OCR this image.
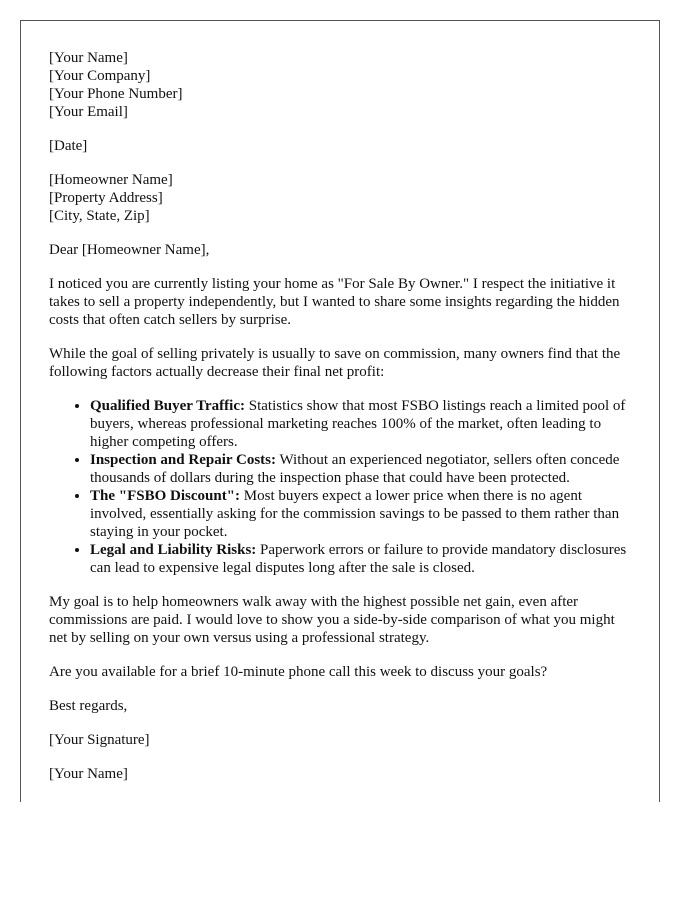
[Your Name]
[Your Company]
[Your Phone Number]
[Your Email]
[Date]
[Homeowner Name]
[Property Address]
[City, State, Zip]

Dear [Homeowner Name],

I noticed you are currently listing your home as "For Sale By Owner." I respect the initiative it takes to sell a property independently, but I wanted to share some insights regarding the hidden costs that often catch sellers by surprise.

While the goal of selling privately is usually to save on commission, many owners find that the following factors actually decrease their final net profit:

• Qualified Buyer Traffic: Statistics show that most FSBO listings reach a limited pool of buyers, whereas professional marketing reaches 100% of the market, often leading to higher competing offers.
• Inspection and Repair Costs: Without an experienced negotiator, sellers often concede thousands of dollars during the inspection phase that could have been protected.
• The "FSBO Discount": Most buyers expect a lower price when there is no agent involved, essentially asking for the commission savings to be passed to them rather than staying in your pocket.
• Legal and Liability Risks: Paperwork errors or failure to provide mandatory disclosures can lead to expensive legal disputes long after the sale is closed.

My goal is to help homeowners walk away with the highest possible net gain, even after commissions are paid. I would love to show you a side-by-side comparison of what you might net by selling on your own versus using a professional strategy.

Are you available for a brief 10-minute phone call this week to discuss your goals?

Best regards,

[Your Signature]

[Your Name]
